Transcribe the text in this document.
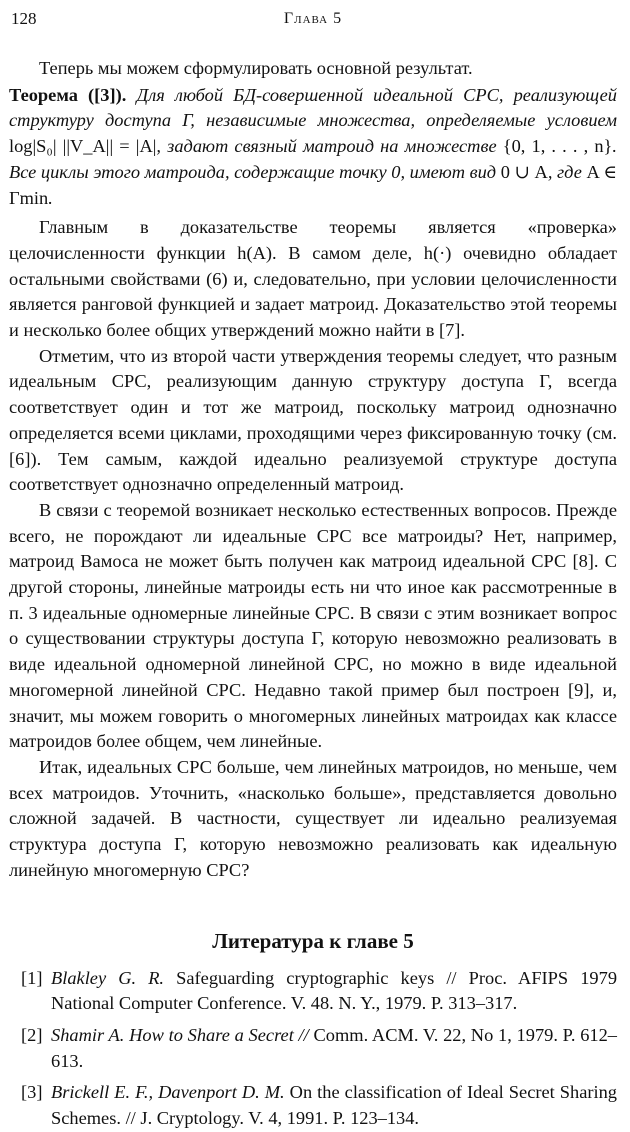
128	Глава 5

Теперь мы можем сформулировать основной результат.

Теорема ([3]). Для любой БД-совершенной идеальной СРС, реализующей структуру доступа Γ, независимые множества, определяемые условием log|S₀| ||V_A|| = |A|, задают связный матроид на множестве {0, 1, . . . , n}. Все циклы этого матроида, содержащие точку 0, имеют вид 0 ∪ A, где A ∈ Γmin.

Главным в доказательстве теоремы является «проверка» целочисленности функции h(A). В самом деле, h(·) очевидно обладает остальными свойствами (6) и, следовательно, при условии целочисленности является ранговой функцией и задает матроид. Доказательство этой теоремы и несколько более общих утверждений можно найти в [7].

Отметим, что из второй части утверждения теоремы следует, что разным идеальным СРС, реализующим данную структуру доступа Γ, всегда соответствует один и тот же матроид, поскольку матроид однозначно определяется всеми циклами, проходящими через фиксированную точку (см. [6]). Тем самым, каждой идеально реализуемой структуре доступа соответствует однозначно определенный матроид.

В связи с теоремой возникает несколько естественных вопросов. Прежде всего, не порождают ли идеальные СРС все матроиды? Нет, например, матроид Вамоса не может быть получен как матроид идеальной СРС [8]. С другой стороны, линейные матроиды есть ни что иное как рассмотренные в п. 3 идеальные одномерные линейные СРС. В связи с этим возникает вопрос о существовании структуры доступа Γ, которую невозможно реализовать в виде идеальной одномерной линейной СРС, но можно в виде идеальной многомерной линейной СРС. Недавно такой пример был построен [9], и, значит, мы можем говорить о многомерных линейных матроидах как классе матроидов более общем, чем линейные.

Итак, идеальных СРС больше, чем линейных матроидов, но меньше, чем всех матроидов. Уточнить, «насколько больше», представляется довольно сложной задачей. В частности, существует ли идеально реализуемая структура доступа Γ, которую невозможно реализовать как идеальную линейную многомерную СРС?

Литература к главе 5
[1] Blakley G. R. Safeguarding cryptographic keys // Proc. AFIPS 1979 National Computer Conference. V. 48. N. Y., 1979. P. 313–317.
[2] Shamir A. How to Share a Secret // Comm. ACM. V. 22, No 1, 1979. P. 612–613.
[3] Brickell E. F., Davenport D. M. On the classification of Ideal Secret Sharing Schemes. // J. Cryptology. V. 4, 1991. P. 123–134.
